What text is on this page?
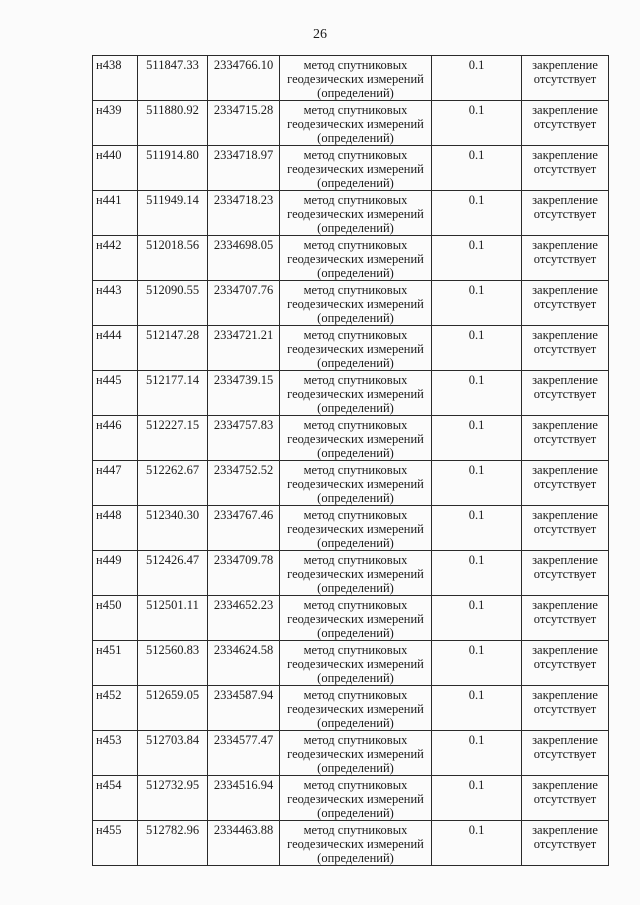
26
н438	511847.33	2334766.10	метод спутниковых геодезических измерений (определений)	0.1	закрепление отсутствует
н439	511880.92	2334715.28	метод спутниковых геодезических измерений (определений)	0.1	закрепление отсутствует
н440	511914.80	2334718.97	метод спутниковых геодезических измерений (определений)	0.1	закрепление отсутствует
н441	511949.14	2334718.23	метод спутниковых геодезических измерений (определений)	0.1	закрепление отсутствует
н442	512018.56	2334698.05	метод спутниковых геодезических измерений (определений)	0.1	закрепление отсутствует
н443	512090.55	2334707.76	метод спутниковых геодезических измерений (определений)	0.1	закрепление отсутствует
н444	512147.28	2334721.21	метод спутниковых геодезических измерений (определений)	0.1	закрепление отсутствует
н445	512177.14	2334739.15	метод спутниковых геодезических измерений (определений)	0.1	закрепление отсутствует
н446	512227.15	2334757.83	метод спутниковых геодезических измерений (определений)	0.1	закрепление отсутствует
н447	512262.67	2334752.52	метод спутниковых геодезических измерений (определений)	0.1	закрепление отсутствует
н448	512340.30	2334767.46	метод спутниковых геодезических измерений (определений)	0.1	закрепление отсутствует
н449	512426.47	2334709.78	метод спутниковых геодезических измерений (определений)	0.1	закрепление отсутствует
н450	512501.11	2334652.23	метод спутниковых геодезических измерений (определений)	0.1	закрепление отсутствует
н451	512560.83	2334624.58	метод спутниковых геодезических измерений (определений)	0.1	закрепление отсутствует
н452	512659.05	2334587.94	метод спутниковых геодезических измерений (определений)	0.1	закрепление отсутствует
н453	512703.84	2334577.47	метод спутниковых геодезических измерений (определений)	0.1	закрепление отсутствует
н454	512732.95	2334516.94	метод спутниковых геодезических измерений (определений)	0.1	закрепление отсутствует
н455	512782.96	2334463.88	метод спутниковых геодезических измерений (определений)	0.1	закрепление отсутствует
